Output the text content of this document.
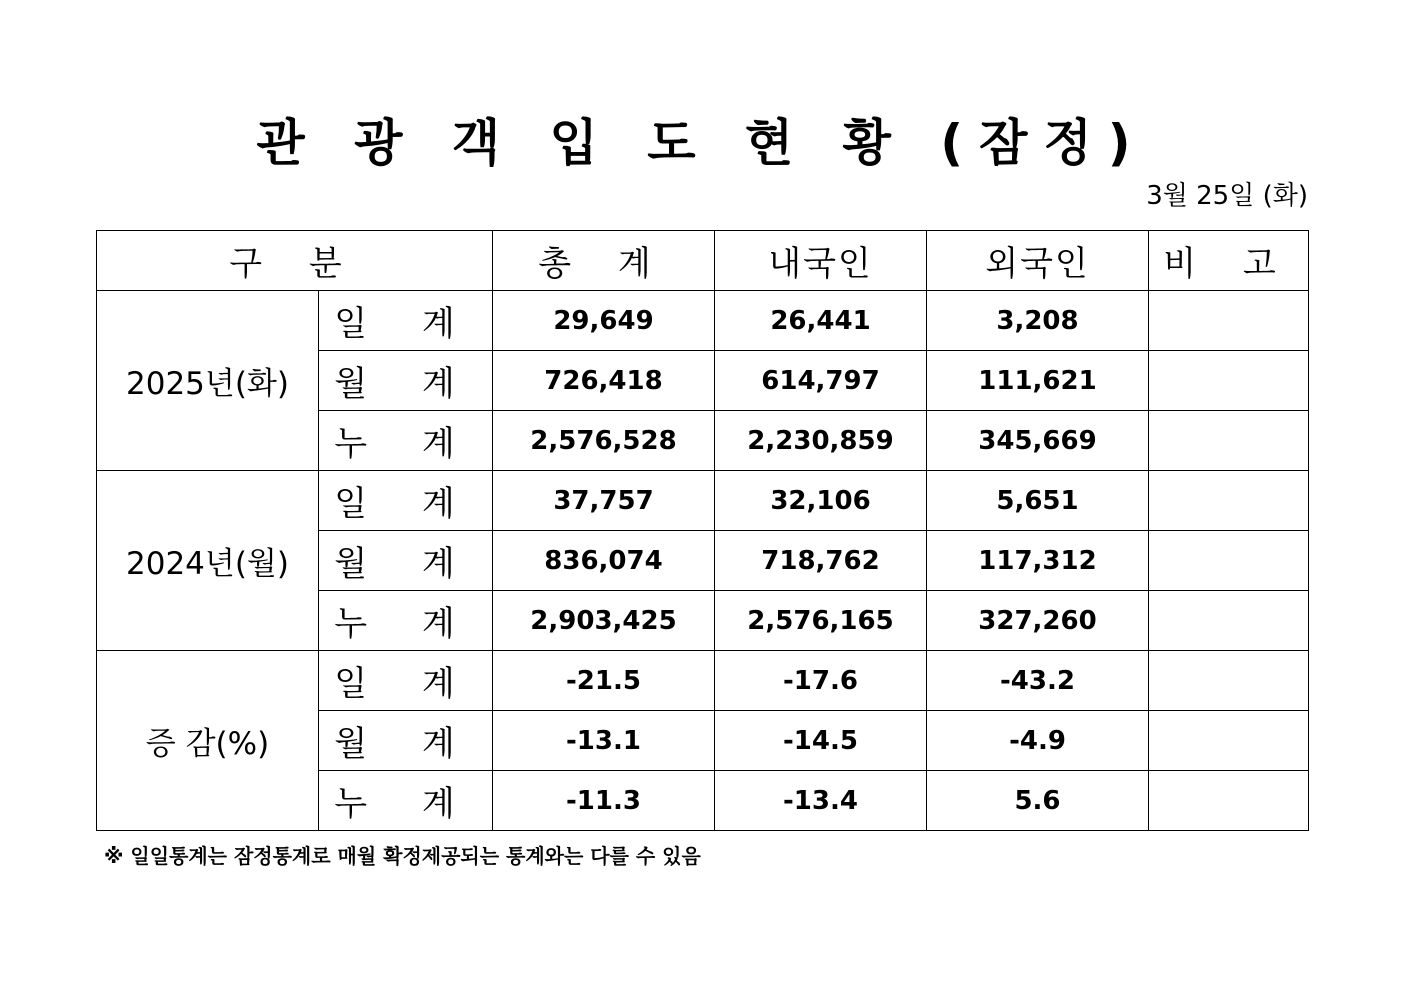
관 광 객 입 도 현 황 (잠정)
3월 25일 (화)
구 분		총 계	내국인	외국인	비 고
2025년(화)	일 계	29,649	26,441	3,208	
	월 계	726,418	614,797	111,621	
	누 계	2,576,528	2,230,859	345,669	
2024년(월)	일 계	37,757	32,106	5,651	
	월 계	836,074	718,762	117,312	
	누 계	2,903,425	2,576,165	327,260	
증 감(%)	일 계	-21.5	-17.6	-43.2	
	월 계	-13.1	-14.5	-4.9	
	누 계	-11.3	-13.4	5.6	
※ 일일통계는 잠정통계로 매월 확정제공되는 통계와는 다를 수 있음
